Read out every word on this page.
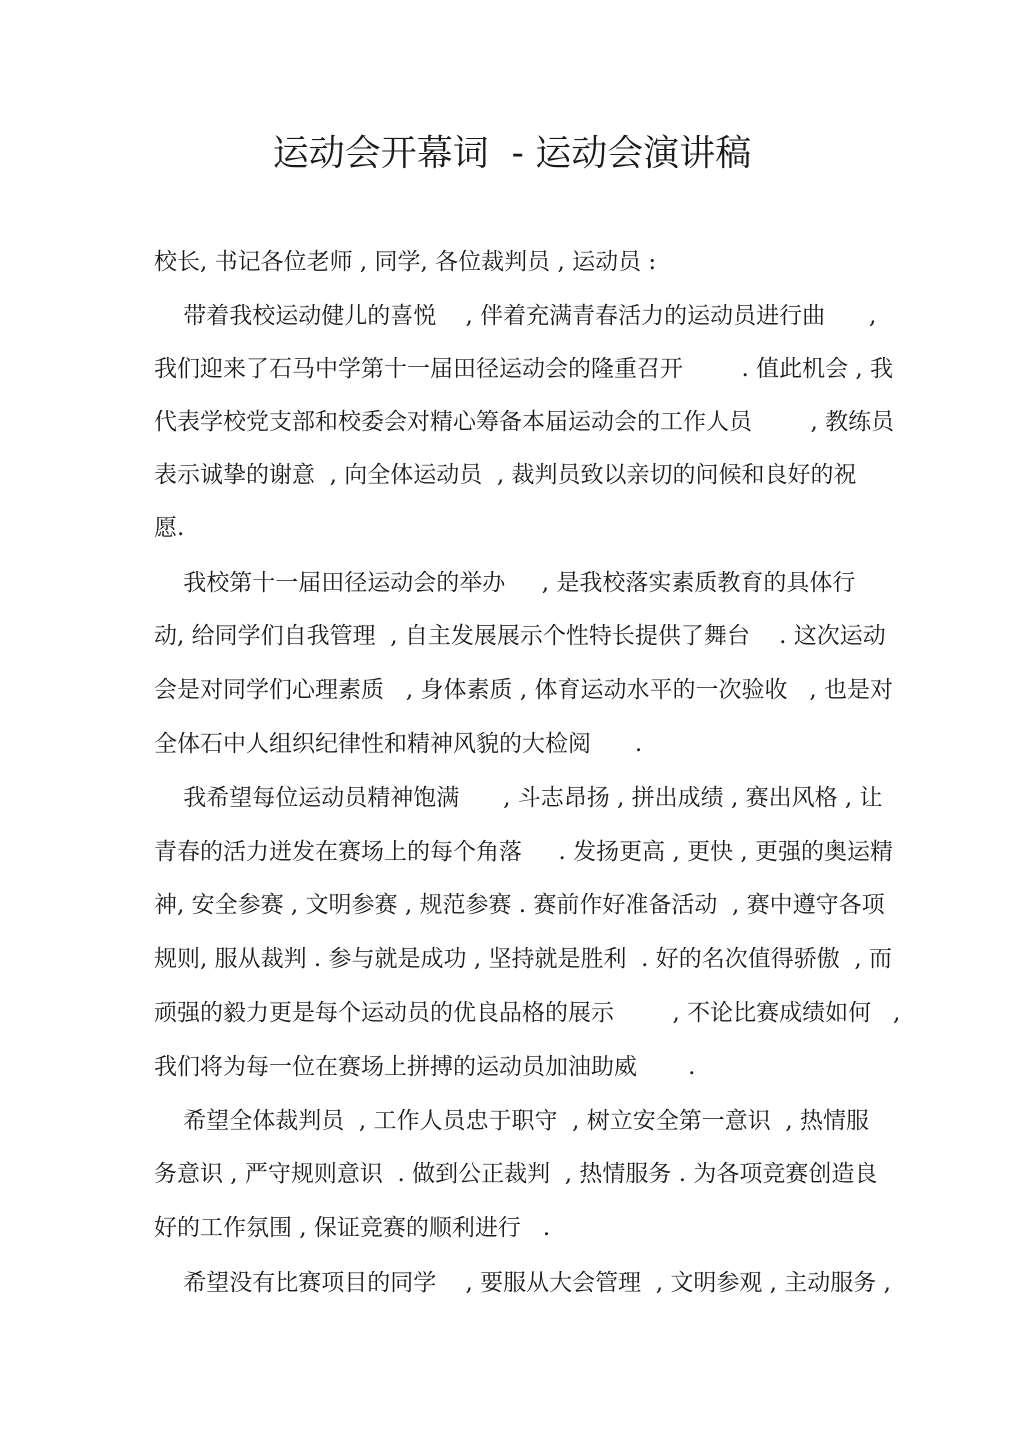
运动会开幕词  - 运动会演讲稿

校长, 书记各位老师 , 同学, 各位裁判员 , 运动员 :

带着我校运动健儿的喜悦    , 伴着充满青春活力的运动员进行曲      ,

我们迎来了石马中学第十一届田径运动会的隆重召开        . 值此机会 , 我

代表学校党支部和校委会对精心筹备本届运动会的工作人员        , 教练员

表示诚挚的谢意  , 向全体运动员  , 裁判员致以亲切的问候和良好的祝

愿.

我校第十一届田径运动会的举办     , 是我校落实素质教育的具体行

动, 给同学们自我管理  , 自主发展展示个性特长提供了舞台    . 这次运动

会是对同学们心理素质   , 身体素质 , 体育运动水平的一次验收   , 也是对

全体石中人组织纪律性和精神风貌的大检阅      .

我希望每位运动员精神饱满      , 斗志昂扬 , 拼出成绩 , 赛出风格 , 让

青春的活力迸发在赛场上的每个角落     . 发扬更高 , 更快 , 更强的奥运精

神, 安全参赛 , 文明参赛 , 规范参赛 . 赛前作好准备活动  , 赛中遵守各项

规则, 服从裁判 . 参与就是成功 , 坚持就是胜利  . 好的名次值得骄傲  , 而

顽强的毅力更是每个运动员的优良品格的展示        , 不论比赛成绩如何   ,

我们将为每一位在赛场上拼搏的运动员加油助威       .

希望全体裁判员  , 工作人员忠于职守  , 树立安全第一意识  , 热情服

务意识 , 严守规则意识  . 做到公正裁判  , 热情服务 . 为各项竞赛创造良

好的工作氛围 , 保证竞赛的顺利进行   .

希望没有比赛项目的同学    , 要服从大会管理  , 文明参观 , 主动服务 ,
